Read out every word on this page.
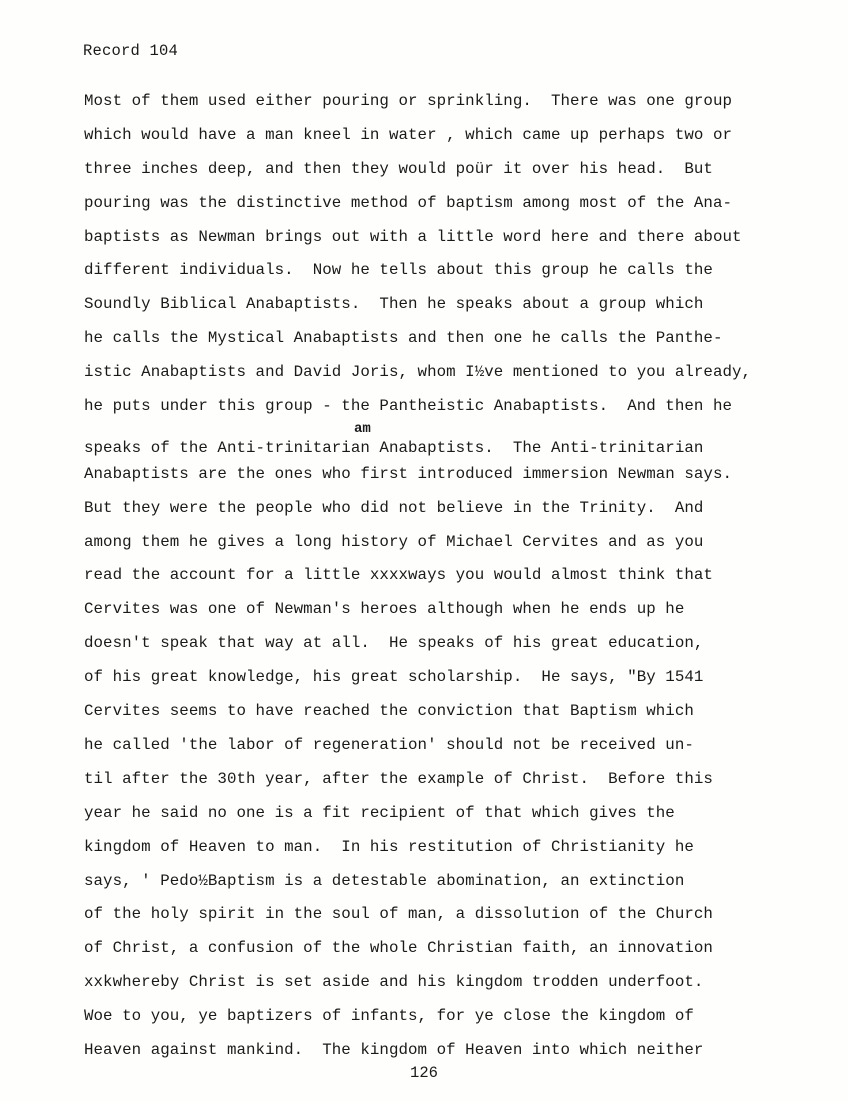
Record 104
Most of them used either pouring or sprinkling.  There was one group
which would have a man kneel in water , which came up perhaps two or
three inches deep, and then they would poür it over his head.  But
pouring was the distinctive method of baptism among most of the Ana-
baptists as Newman brings out with a little word here and there about
different individuals.  Now he tells about this group he calls the
Soundly Biblical Anabaptists.  Then he speaks about a group which
he calls the Mystical Anabaptists and then one he calls the Panthe-
istic Anabaptists and David Joris, whom I½ve mentioned to you already,
he puts under this group - the Pantheistic Anabaptists.  And then he
am
speaks of the Anti-trinitarian Anabaptists.  The Anti-trinitarian
Anabaptists are the ones who first introduced immersion Newman says.
But they were the people who did not believe in the Trinity.  And
among them he gives a long history of Michael Cervites and as you
read the account for a little xxxxways you would almost think that
Cervites was one of Newman's heroes although when he ends up he
doesn't speak that way at all.  He speaks of his great education,
of his great knowledge, his great scholarship.  He says, "By 1541
Cervites seems to have reached the conviction that Baptism which
he called 'the labor of regeneration' should not be received un-
til after the 30th year, after the example of Christ.  Before this
year he said no one is a fit recipient of that which gives the
kingdom of Heaven to man.  In his restitution of Christianity he
says, ' Pedo½Baptism is a detestable abomination, an extinction
of the holy spirit in the soul of man, a dissolution of the Church
of Christ, a confusion of the whole Christian faith, an innovation
xxkwhereby Christ is set aside and his kingdom trodden underfoot.
Woe to you, ye baptizers of infants, for ye close the kingdom of
Heaven against mankind.  The kingdom of Heaven into which neither
126
